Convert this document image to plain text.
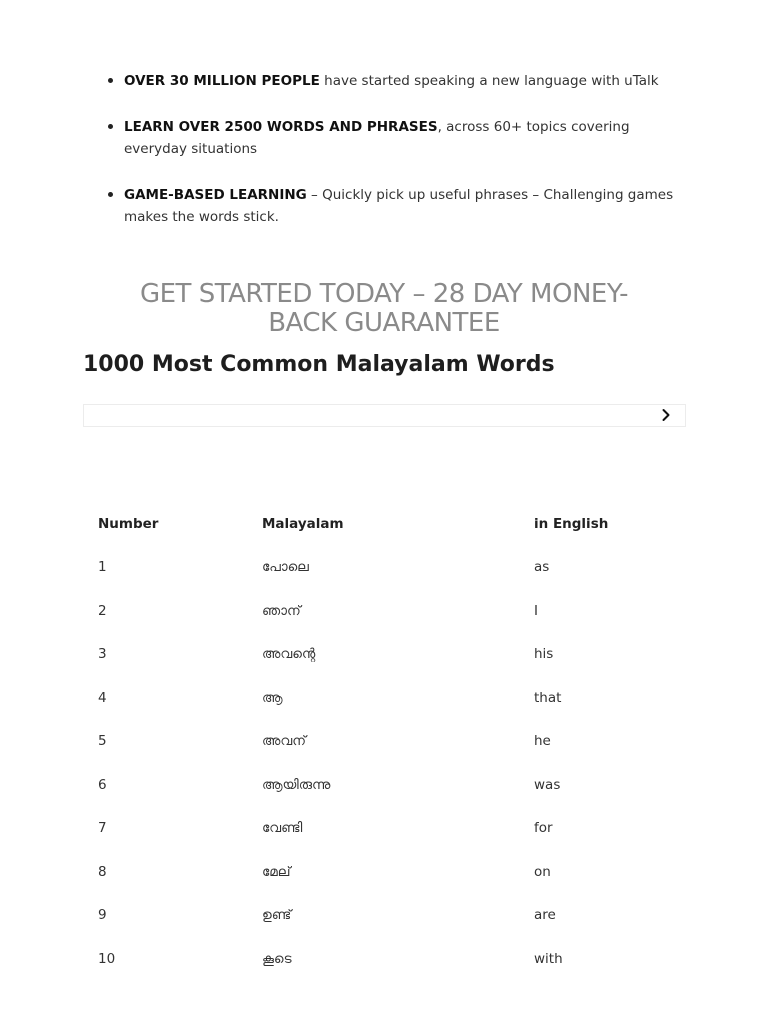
OVER 30 MILLION PEOPLE have started speaking a new language with uTalk
LEARN OVER 2500 WORDS AND PHRASES, across 60+ topics covering everyday situations
GAME-BASED LEARNING – Quickly pick up useful phrases – Challenging games makes the words stick.
GET STARTED TODAY – 28 DAY MONEY-
BACK GUARANTEE
1000 Most Common Malayalam Words
Number	Malayalam	in English
1	പോലെ	as
2	ഞാന്	I
3	അവന്റെ	his
4	ആ	that
5	അവന്	he
6	ആയിരുന്നു	was
7	വേണ്ടി	for
8	മേല്	on
9	ഉണ്ട്	are
10	കൂടെ	with
